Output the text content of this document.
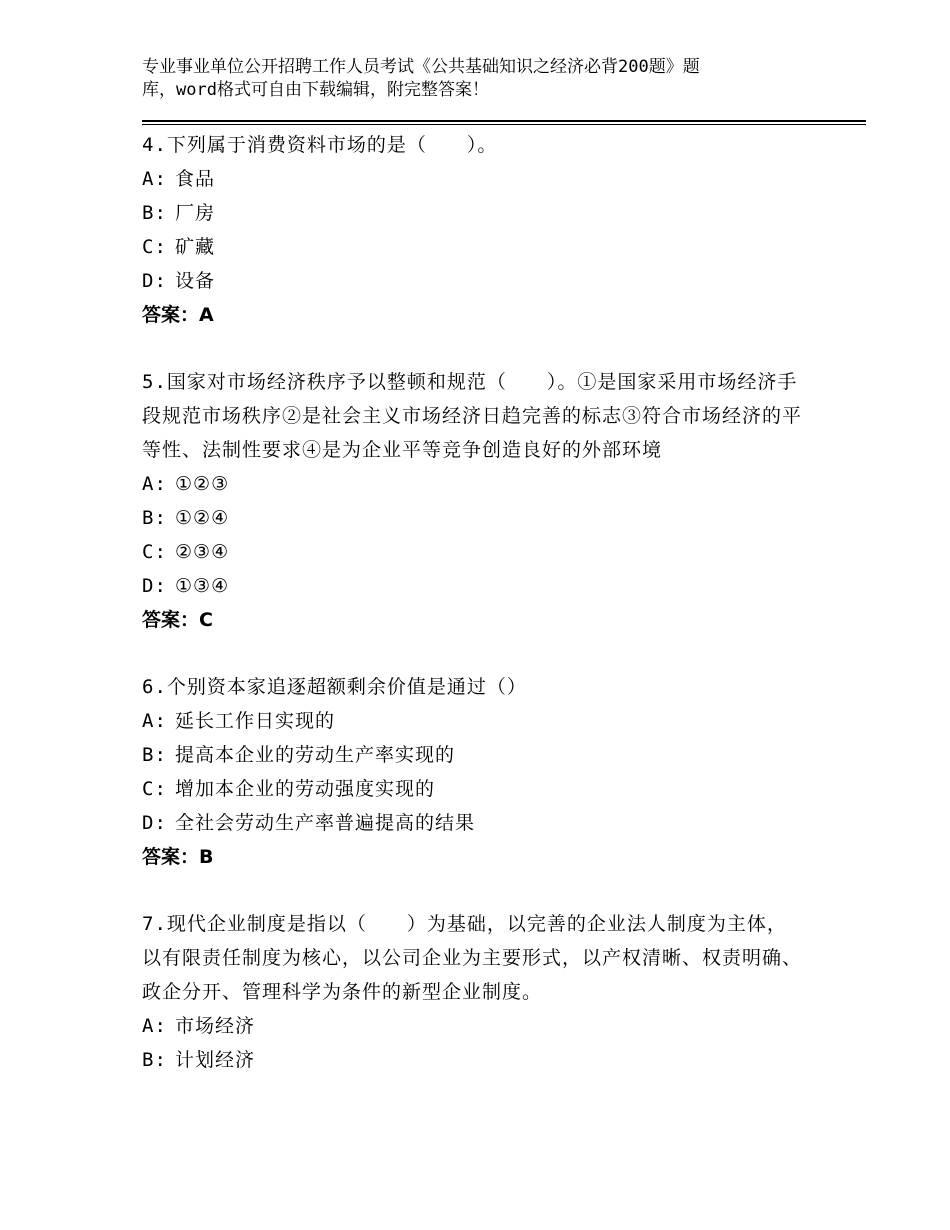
专业事业单位公开招聘工作人员考试《公共基础知识之经济必背200题》题
库，word格式可自由下载编辑，附完整答案！

4.下列属于消费资料市场的是（　　）。

A: 食品

B: 厂房

C: 矿藏

D: 设备

答案：A

5.国家对市场经济秩序予以整顿和规范（　　）。①是国家采用市场经济手段规范市场秩序②是社会主义市场经济日趋完善的标志③符合市场经济的平等性、法制性要求④是为企业平等竞争创造良好的外部环境

A: ①②③

B: ①②④

C: ②③④

D: ①③④

答案：C

6.个别资本家追逐超额剩余价值是通过（）

A: 延长工作日实现的

B: 提高本企业的劳动生产率实现的

C: 增加本企业的劳动强度实现的

D: 全社会劳动生产率普遍提高的结果

答案：B

7.现代企业制度是指以（　　）为基础，以完善的企业法人制度为主体，以有限责任制度为核心，以公司企业为主要形式，以产权清晰、权责明确、政企分开、管理科学为条件的新型企业制度。

A: 市场经济

B: 计划经济
